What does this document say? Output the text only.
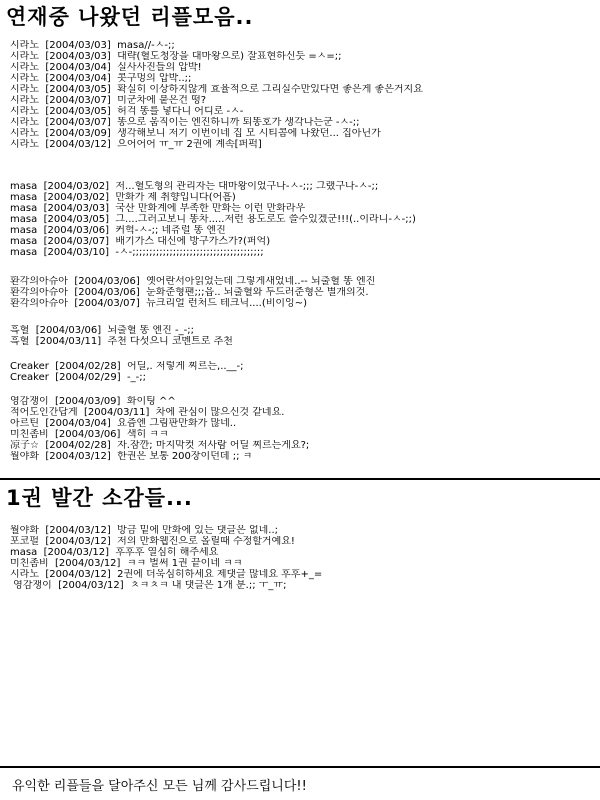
연재중 나왔던 리플모음..
시라노 [2004/03/03] masa//-ㅅ-;;
시라노 [2004/03/03] 대략(혈도청장을 대마왕으로) 잘표현하신듯 =ㅅ=;;
시라노 [2004/03/04] 실사사진들의 압박!
시라노 [2004/03/04] 콧구멍의 압박..;;
시라노 [2004/03/05] 확실히 이상하지않게 효율적으로 그리실수만있다면 좋은게 좋은거지요
시라노 [2004/03/07] 미군차에 붙은건 떵?
시라노 [2004/03/05] 허걱 똥를 넣다니 어디로 -ㅅ-
시라노 [2004/03/07] 똥으로 움직이는 엔진하니까 퇴똥호가 생각나는군 -ㅅ-;;
시라노 [2004/03/09] 생각해보니 저기 이번이네 집 모 시티콤에 나왔던... 집아닌가
시라노 [2004/03/12] 으어어어 ㅠ_ㅠ 2권에 계속[퍼퍽]
masa [2004/03/02] 저...혈도형의 관리자는 대마왕이었구나-ㅅ-;;; 그랬구나-ㅅ-;;
masa [2004/03/02] 만화가 제 취향입니다(어흠)
masa [2004/03/03] 국산 만화계에 부족한 만화는 이런 만화라우
masa [2004/03/05] 그....그러고보니 똥차.....저런 용도로도 쓸수있겠군!!!(..이라니-ㅅ-;;)
masa [2004/03/06] 커헉-ㅅ-;; 네츄럴 똥 엔진
masa [2004/03/07] 배기가스 대신에 방구가스가?(퍼억)
masa [2004/03/10] -ㅅ-;;;;;;;;;;;;;;;;;;;;;;;;;;;;;;;;;;;;;;;
환각의아슈아 [2004/03/06] 옛어란서아읽었는데 그렇게새었네..-- 뇌출혈 똥 엔진
환각의아슈아 [2004/03/06] 눈화준형팬;;;읍.. 뇌출혈와 두드러준형은 별개의것.
환각의아슈아 [2004/03/07] 뉴크리얼 런처드 테크닉....(비이잉~)
흑혈 [2004/03/06] 뇌출혈 똥 엔진 -_-;;
흑혈 [2004/03/11] 추천 다섯으니 코멘트로 추천
Creaker [2004/02/28] 어딜,. 저렇게 찌르는,..__-;
Creaker [2004/02/29] -_-;;
영감쟁이 [2004/03/09] 화이팅 ^^
적어도인간답게 [2004/03/11] 차에 관심이 많으신것 같네요.
아르틴 [2004/03/04] 요즘엔 그림판만화가 많네..
미친좀비 [2004/03/06] 색히 ㅋㅋ
凉子☆ [2004/02/28] 자.잠깐; 마지막컷 저사람 어딜 찌르는게요?;
월야화 [2004/03/12] 한권은 보통 200장이던데 ;; ㅋ
1권 발간 소감들...
월야화 [2004/03/12] 방금 밑에 만화에 있는 댓글은 없네..;
포코펄 [2004/03/12] 저의 만화웹진으로 올릴때 수정할거예요!
masa [2004/03/12] 후후후 열심히 해주세요
미친좀비 [2004/03/12] ㅋㅋ 벌써 1권 끝이네 ㅋㅋ
시라노 [2004/03/12] 2권에 더욱심히하세요 제댓글 많네요 후후+_=
영감쟁이 [2004/03/12] ㅊㅋㅊㅋ 내 댓글은 1개 분.;; ㅜ_ㅠ;
유익한 리플들을 달아주신 모든 님께 감사드립니다!!
